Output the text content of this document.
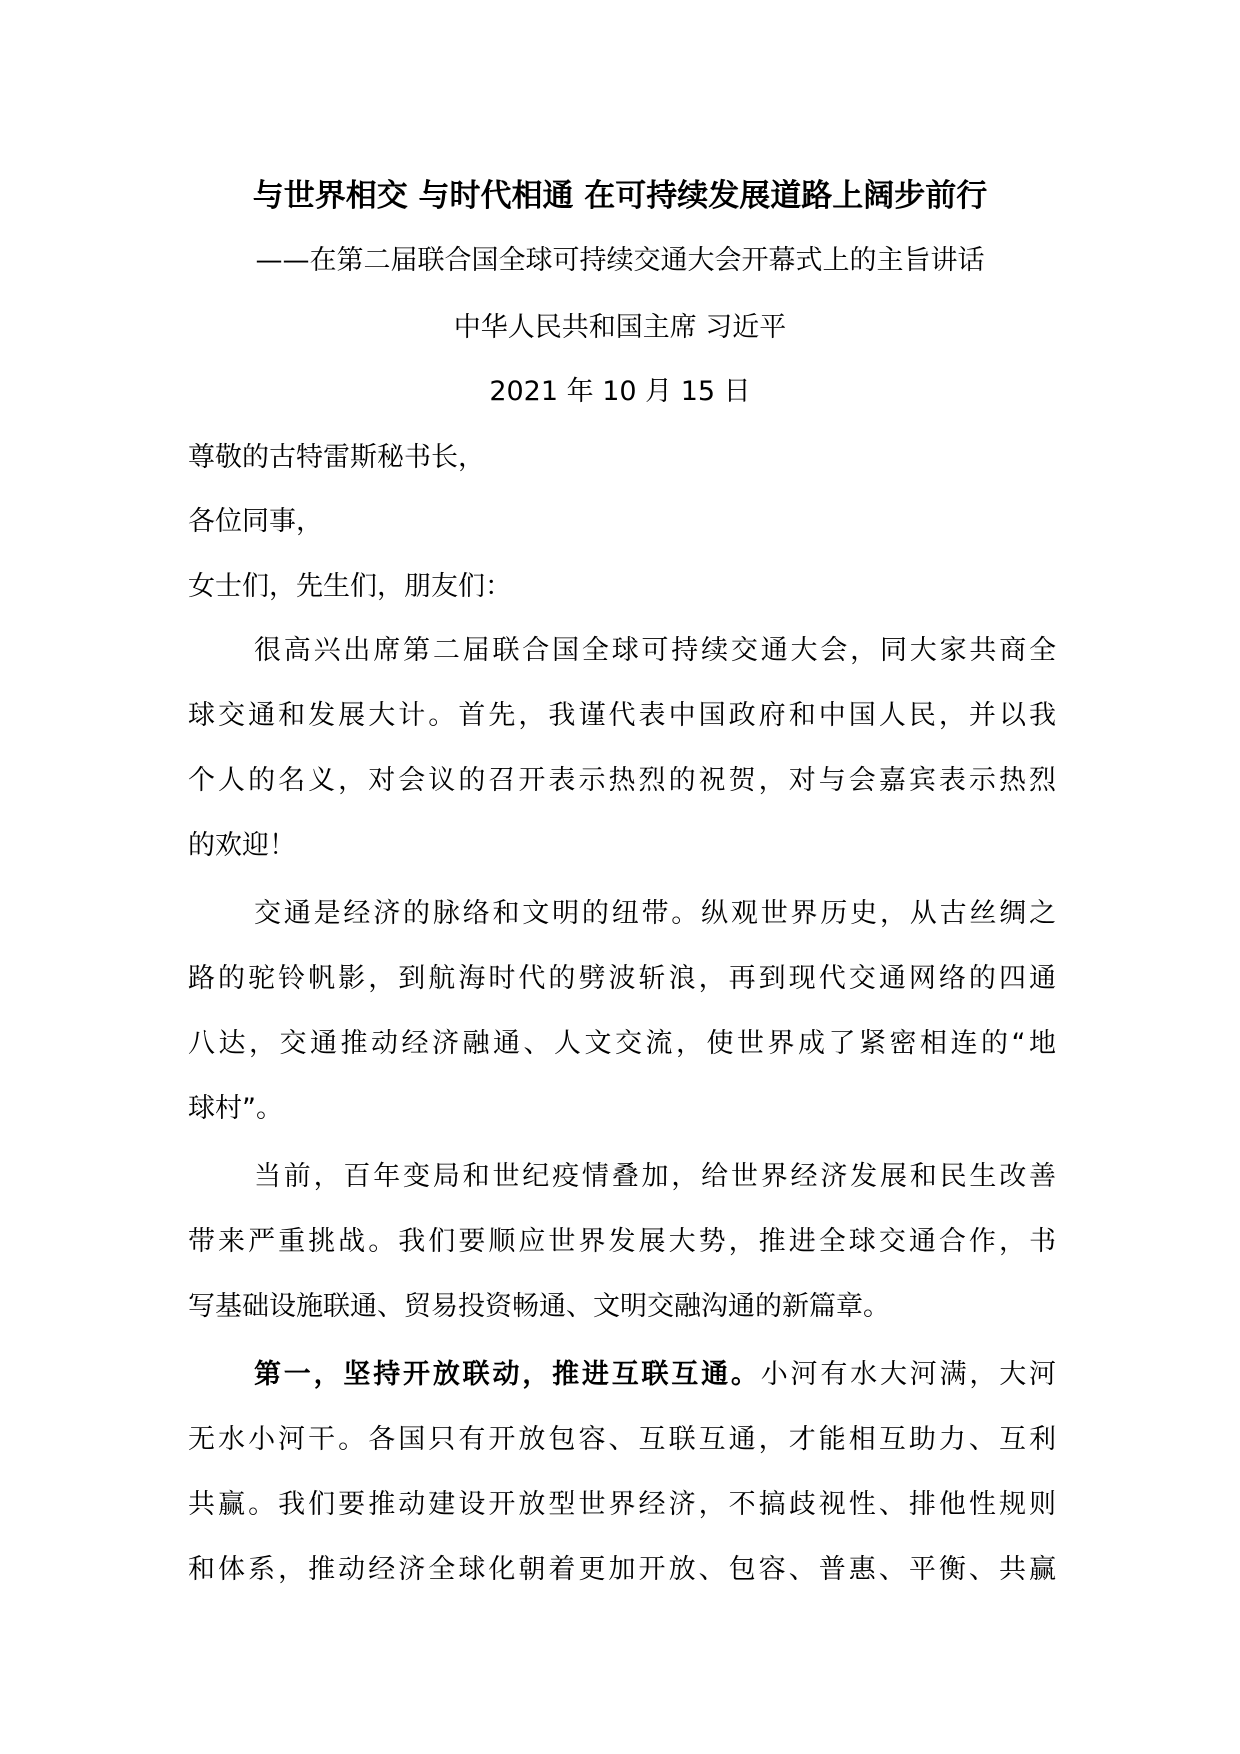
与世界相交 与时代相通 在可持续发展道路上阔步前行
——在第二届联合国全球可持续交通大会开幕式上的主旨讲话
中华人民共和国主席 习近平
2021 年 10 月 15 日
尊敬的古特雷斯秘书长，
各位同事，
女士们，先生们，朋友们：
很高兴出席第二届联合国全球可持续交通大会，同大家共商全
球交通和发展大计。首先，我谨代表中国政府和中国人民，并以我
个人的名义，对会议的召开表示热烈的祝贺，对与会嘉宾表示热烈
的欢迎！
交通是经济的脉络和文明的纽带。纵观世界历史，从古丝绸之
路的驼铃帆影，到航海时代的劈波斩浪，再到现代交通网络的四通
八达，交通推动经济融通、人文交流，使世界成了紧密相连的“地
球村”。
当前，百年变局和世纪疫情叠加，给世界经济发展和民生改善
带来严重挑战。我们要顺应世界发展大势，推进全球交通合作，书
写基础设施联通、贸易投资畅通、文明交融沟通的新篇章。
第一，坚持开放联动，推进互联互通。小河有水大河满，大河
无水小河干。各国只有开放包容、互联互通，才能相互助力、互利
共赢。我们要推动建设开放型世界经济，不搞歧视性、排他性规则
和体系，推动经济全球化朝着更加开放、包容、普惠、平衡、共赢
